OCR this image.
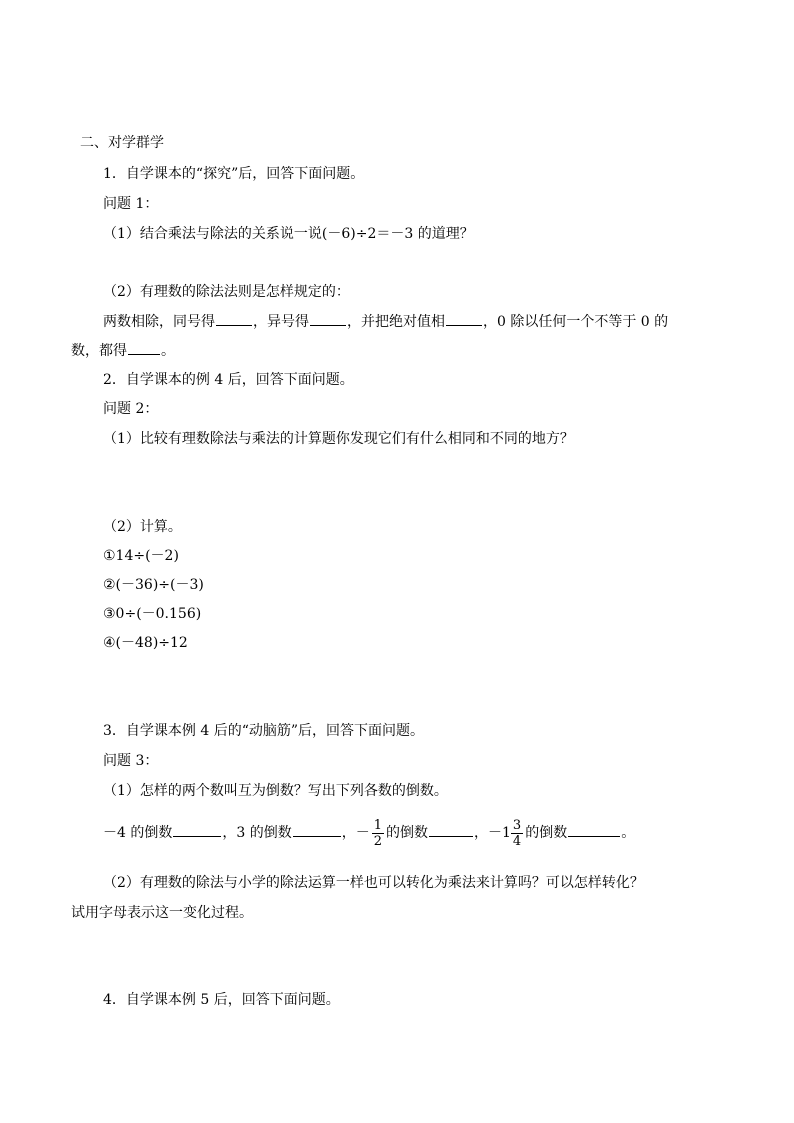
二、对学群学
1．自学课本的“探究”后，回答下面问题。
问题 1：
（1）结合乘法与除法的关系说一说(－6)÷2＝－3 的道理？
（2）有理数的除法法则是怎样规定的：
两数相除，同号得	，异号得	，并把绝对值相	，0 除以任何一个不等于 0 的
数，都得 。
2．自学课本的例 4 后，回答下面问题。
问题 2：
（1）比较有理数除法与乘法的计算题你发现它们有什么相同和不同的地方？
（2）计算。
①14÷(－2)
②(－36)÷(－3)
③0÷(－0.156)
④(－48)÷12
3．自学课本例 4 后的“动脑筋”后，回答下面问题。
问题 3：
（1）怎样的两个数叫互为倒数？写出下列各数的倒数。
－4 的倒数	，3 的倒数	，－ $\frac{1}{2}$ 的倒数	，$-1 \frac{3}{4}$ 的倒数	。
（2）有理数的除法与小学的除法运算一样也可以转化为乘法来计算吗？可以怎样转化？
试用字母表示这一变化过程。
4．自学课本例 5 后，回答下面问题。
